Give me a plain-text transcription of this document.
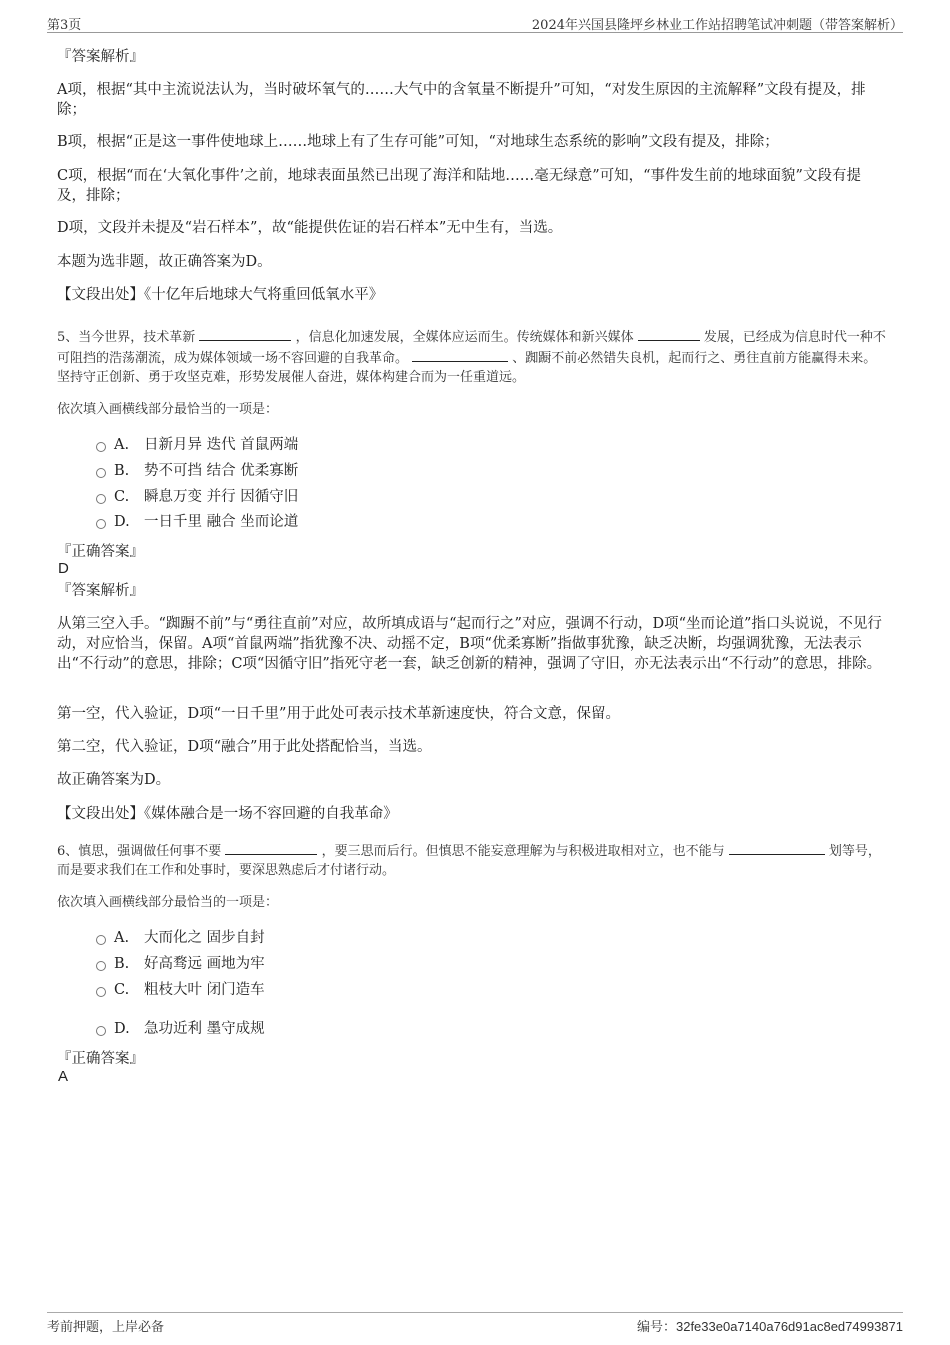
第3页	2024年兴国县隆坪乡林业工作站招聘笔试冲刺题（带答案解析）
『答案解析』
A项，根据“其中主流说法认为，当时破坏氧气的……大气中的含氧量不断提升”可知，“对发生原因的主流解释”文段有提及，排除；
B项，根据“正是这一事件使地球上……地球上有了生存可能”可知，“对地球生态系统的影响”文段有提及，排除；
C项，根据“而在‘大氧化事件’之前，地球表面虽然已出现了海洋和陆地……毫无绿意”可知，“事件发生前的地球面貌”文段有提及，排除；
D项，文段并未提及“岩石样本”，故“能提供佐证的岩石样本”无中生有，当选。
本题为选非题，故正确答案为D。
【文段出处】《十亿年后地球大气将重回低氧水平》
5、当今世界，技术革新	，信息化加速发展，全媒体应运而生。传统媒体和新兴媒体	发展，已经成为信息时代一种不可阻挡的浩荡潮流，成为媒体领域一场不容回避的自我革命。	、踟蹰不前必然错失良机，起而行之、勇往直前方能赢得未来。坚持守正创新、勇于攻坚克难，形势发展催人奋进，媒体构建合而为一任重道远。
依次填入画横线部分最恰当的一项是：
A. 日新月异 迭代 首鼠两端
B. 势不可挡 结合 优柔寡断
C. 瞬息万变 并行 因循守旧
D. 一日千里 融合 坐而论道
『正确答案』
D
『答案解析』
从第三空入手。“踟蹰不前”与“勇往直前”对应，故所填成语与“起而行之”对应，强调不行动，D项“坐而论道”指口头说说，不见行动，对应恰当，保留。A项“首鼠两端”指犹豫不决、动摇不定，B项“优柔寡断”指做事犹豫，缺乏决断，均强调犹豫，无法表示出“不行动”的意思，排除；C项“因循守旧”指死守老一套，缺乏创新的精神，强调了守旧，亦无法表示出“不行动”的意思，排除。
第一空，代入验证，D项“一日千里”用于此处可表示技术革新速度快，符合文意，保留。
第二空，代入验证，D项“融合”用于此处搭配恰当，当选。
故正确答案为D。
【文段出处】《媒体融合是一场不容回避的自我革命》
6、慎思，强调做任何事不要	，要三思而后行。但慎思不能妄意理解为与积极进取相对立，也不能与	划等号，而是要求我们在工作和处事时，要深思熟虑后才付诸行动。
依次填入画横线部分最恰当的一项是：
A. 大而化之 固步自封
B. 好高骛远 画地为牢
C. 粗枝大叶 闭门造车
D. 急功近利 墨守成规
『正确答案』
A
考前押题，上岸必备	编号：32fe33e0a7140a76d91ac8ed74993871
